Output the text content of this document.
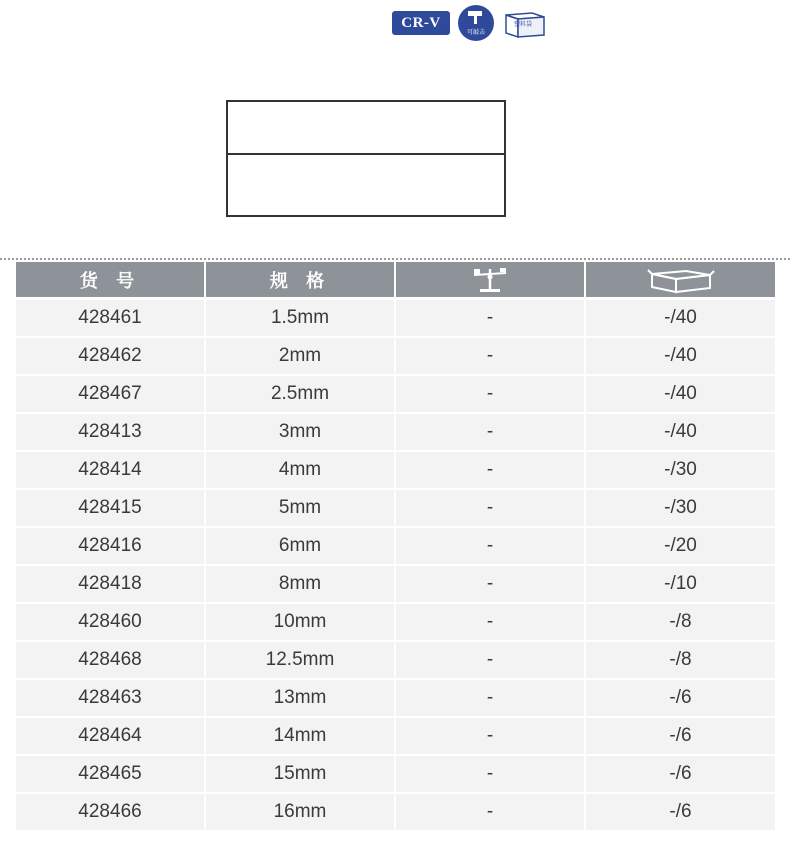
CR-V
可敲击
塑料袋
货 号	规 格
428461	1.5mm	-	-/40
428462	2mm	-	-/40
428467	2.5mm	-	-/40
428413	3mm	-	-/40
428414	4mm	-	-/30
428415	5mm	-	-/30
428416	6mm	-	-/20
428418	8mm	-	-/10
428460	10mm	-	-/8
428468	12.5mm	-	-/8
428463	13mm	-	-/6
428464	14mm	-	-/6
428465	15mm	-	-/6
428466	16mm	-	-/6
